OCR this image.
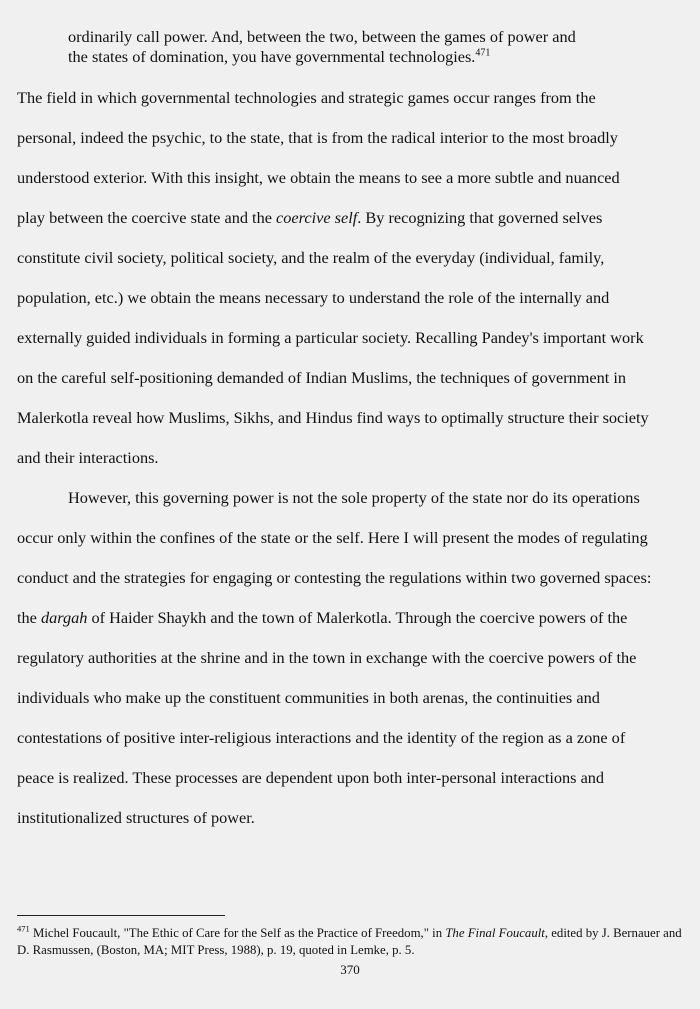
ordinarily call power. And, between the two, between the games of power and
the states of domination, you have governmental technologies.$^{471}$
The field in which governmental technologies and strategic games occur ranges from the
personal, indeed the psychic, to the state, that is from the radical interior to the most broadly
understood exterior. With this insight, we obtain the means to see a more subtle and nuanced
play between the coercive state and the coercive self. By recognizing that governed selves
constitute civil society, political society, and the realm of the everyday (individual, family,
population, etc.) we obtain the means necessary to understand the role of the internally and
externally guided individuals in forming a particular society. Recalling Pandey's important work
on the careful self-positioning demanded of Indian Muslims, the techniques of government in
Malerkotla reveal how Muslims, Sikhs, and Hindus find ways to optimally structure their society
and their interactions.
However, this governing power is not the sole property of the state nor do its operations
occur only within the confines of the state or the self. Here I will present the modes of regulating
conduct and the strategies for engaging or contesting the regulations within two governed spaces:
the dargah of Haider Shaykh and the town of Malerkotla. Through the coercive powers of the
regulatory authorities at the shrine and in the town in exchange with the coercive powers of the
individuals who make up the constituent communities in both arenas, the continuities and
contestations of positive inter-religious interactions and the identity of the region as a zone of
peace is realized. These processes are dependent upon both inter-personal interactions and
institutionalized structures of power.
$^{471}$ Michel Foucault, "The Ethic of Care for the Self as the Practice of Freedom," in The Final Foucault, edited by J. Bernauer and D. Rasmussen, (Boston, MA; MIT Press, 1988), p. 19, quoted in Lemke, p. 5.
370
